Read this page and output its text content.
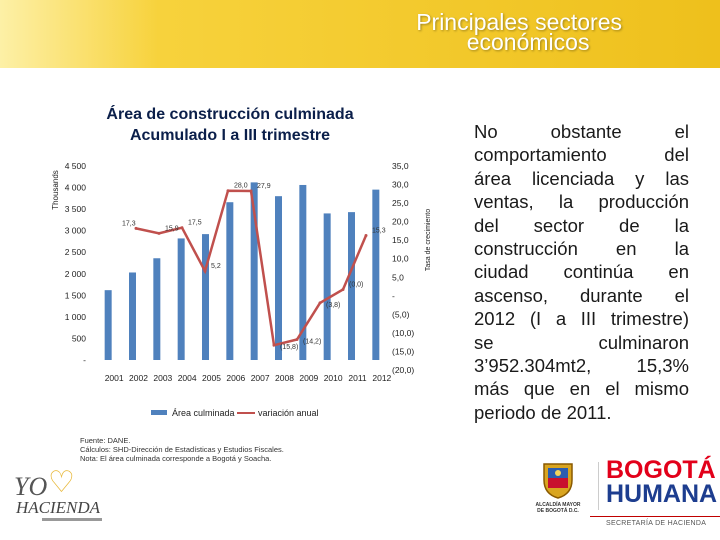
Principales sectores
económicos
Área de construcción culminada
Acumulado I a III trimestre
17,3
15,9
17,5
5,2
28,0 27,9
(15,8)
(14,2)
(3,8)
(0,0)
15,3
-
500
1 000
1 500
2 000
2 500
3 000
3 500
4 000
4 500
(20,0)
(15,0)
(10,0)
(5,0)
-
5,0
10,0
15,0
20,0
25,0
30,0
35,0
2001 2002 2003 2004 2005 2006 2007 2008 2009 2010 2011 2012
Thousands
Tasa de crecimiento
Área culminada	variación anual
Fuente: DANE.
Cálculos: SHD-Dirección de Estadísticas y Estudios Fiscales.
Nota: El área culminada corresponde a Bogotá y Soacha.
No obstante el
comportamiento del
área licenciada y las
ventas, la producción
del sector de la
construcción en la
ciudad continúa en
ascenso, durante el
2012 (I a III trimestre)
se culminaron
3’952.304mt2, 15,3%
más que en el mismo
periodo de 2011.
YO ♡
HACIENDA	ALCALDÍA MAYOR
DE BOGOTÁ D.C.
BOGOTÁ
HUMANA
SECRETARÍA DE HACIENDA
